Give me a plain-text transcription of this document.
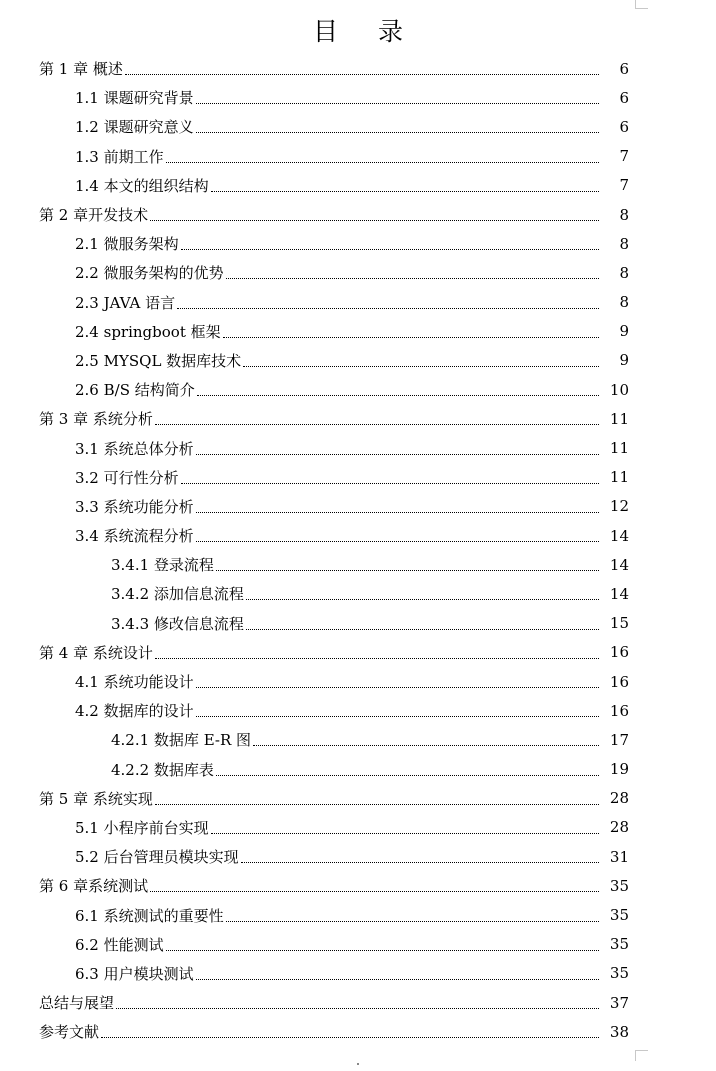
目 录
第 1 章 概述	6
1.1 课题研究背景	6
1.2 课题研究意义	6
1.3 前期工作	7
1.4 本文的组织结构	7
第 2 章开发技术	8
2.1 微服务架构	8
2.2 微服务架构的优势	8
2.3 JAVA 语言	8
2.4 springboot 框架	9
2.5 MYSQL 数据库技术	9
2.6 B/S 结构简介	10
第 3 章 系统分析	11
3.1 系统总体分析	11
3.2 可行性分析	11
3.3 系统功能分析	12
3.4 系统流程分析	14
3.4.1 登录流程	14
3.4.2 添加信息流程	14
3.4.3 修改信息流程	15
第 4 章 系统设计	16
4.1 系统功能设计	16
4.2 数据库的设计	16
4.2.1 数据库 E-R 图	17
4.2.2 数据库表	19
第 5 章 系统实现	28
5.1 小程序前台实现	28
5.2 后台管理员模块实现	31
第 6 章系统测试	35
6.1 系统测试的重要性	35
6.2 性能测试	35
6.3 用户模块测试	35
总结与展望	37
参考文献	38
